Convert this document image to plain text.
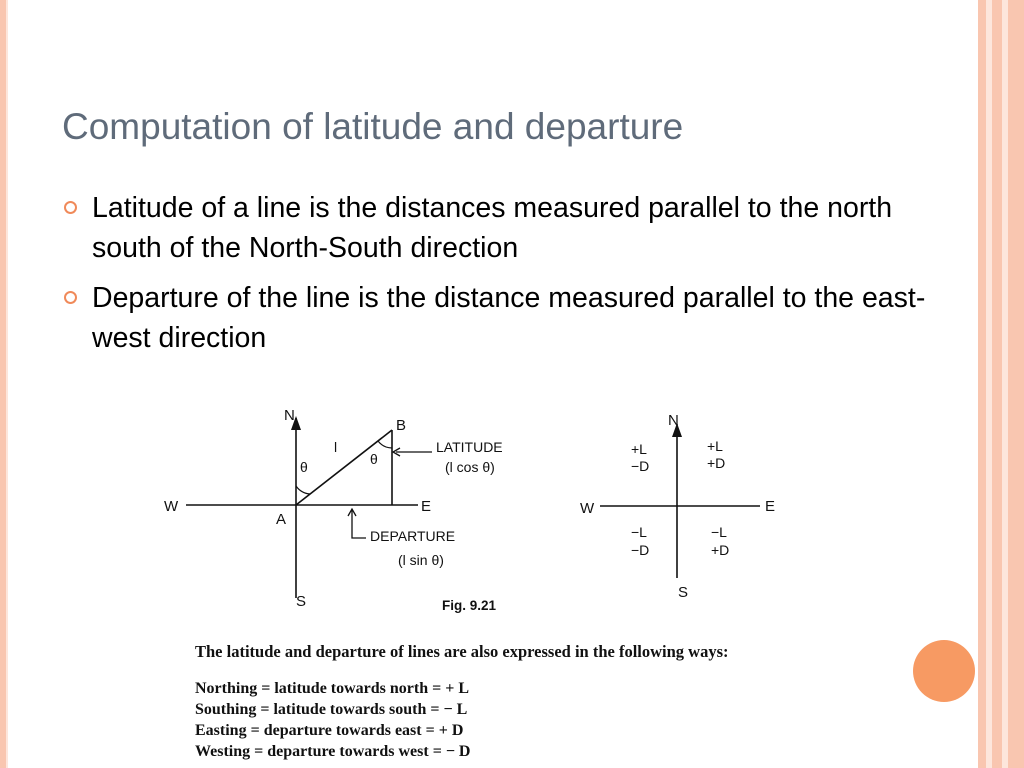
Computation of latitude and departure
Latitude of a line is the distances measured parallel to the north south of the North-South direction
Departure of the line is the distance measured parallel to the east-west direction
N
S
W	E
A
B
l
θ	θ
LATITUDE
(l cos θ)
DEPARTURE
(l sin θ)
Fig. 9.21
N
S
W	E
+L
−D
+L
+D
−L
−D
−L
+D
The latitude and departure of lines are also expressed in the following ways:
Northing = latitude towards north = + L
Southing = latitude towards south = − L
Easting = departure towards east = + D
Westing = departure towards west = − D
